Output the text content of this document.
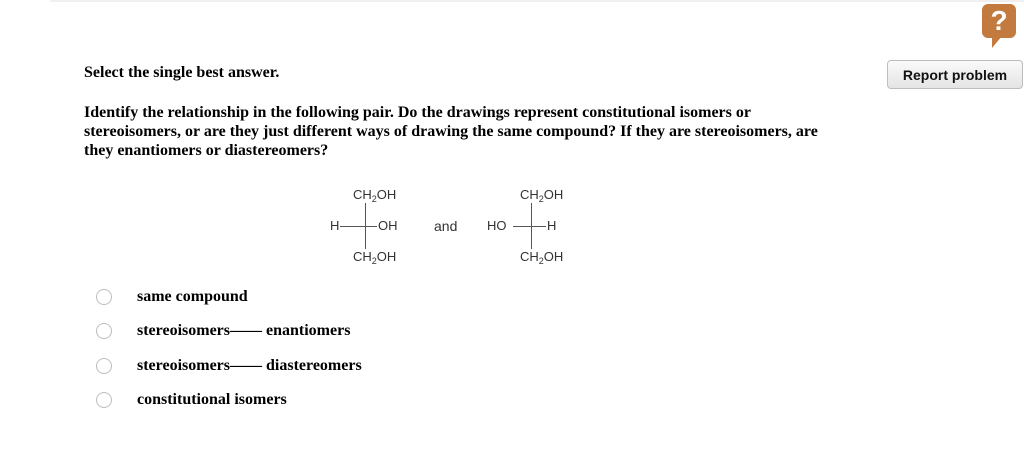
?
Select the single best answer.	Report problem
Identify the relationship in the following pair. Do the drawings represent constitutional isomers or stereoisomers, or are they just different ways of drawing the same compound? If they are stereoisomers, are they enantiomers or diastereomers?
$CH_2OH$
H	OH
$CH_2OH$
and
$CH_2OH$
HO	H
$CH_2OH$
same compound
stereoisomers—— enantiomers
stereoisomers—— diastereomers
constitutional isomers
